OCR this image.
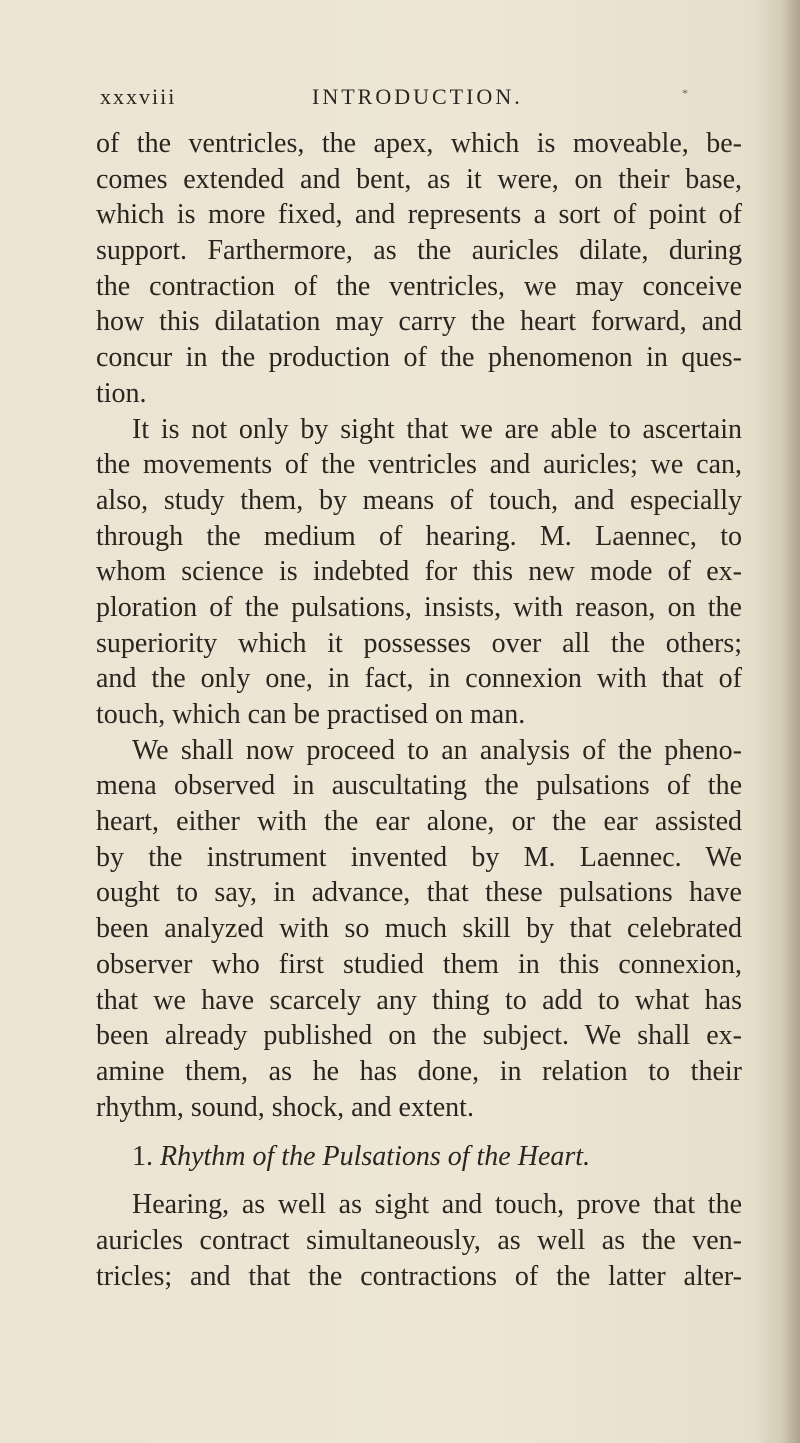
xxxviii	INTRODUCTION.	*
of the ventricles, the apex, which is moveable, be-
comes extended and bent, as it were, on their base,
which is more fixed, and represents a sort of point of
support. Farthermore, as the auricles dilate, during
the contraction of the ventricles, we may conceive
how this dilatation may carry the heart forward, and
concur in the production of the phenomenon in ques-
tion.
It is not only by sight that we are able to ascertain
the movements of the ventricles and auricles; we can,
also, study them, by means of touch, and especially
through the medium of hearing. M. Laennec, to
whom science is indebted for this new mode of ex-
ploration of the pulsations, insists, with reason, on the
superiority which it possesses over all the others;
and the only one, in fact, in connexion with that of
touch, which can be practised on man.
We shall now proceed to an analysis of the pheno-
mena observed in auscultating the pulsations of the
heart, either with the ear alone, or the ear assisted
by the instrument invented by M. Laennec. We
ought to say, in advance, that these pulsations have
been analyzed with so much skill by that celebrated
observer who first studied them in this connexion,
that we have scarcely any thing to add to what has
been already published on the subject. We shall ex-
amine them, as he has done, in relation to their
rhythm, sound, shock, and extent.
1. Rhythm of the Pulsations of the Heart.
Hearing, as well as sight and touch, prove that the
auricles contract simultaneously, as well as the ven-
tricles; and that the contractions of the latter alter-
